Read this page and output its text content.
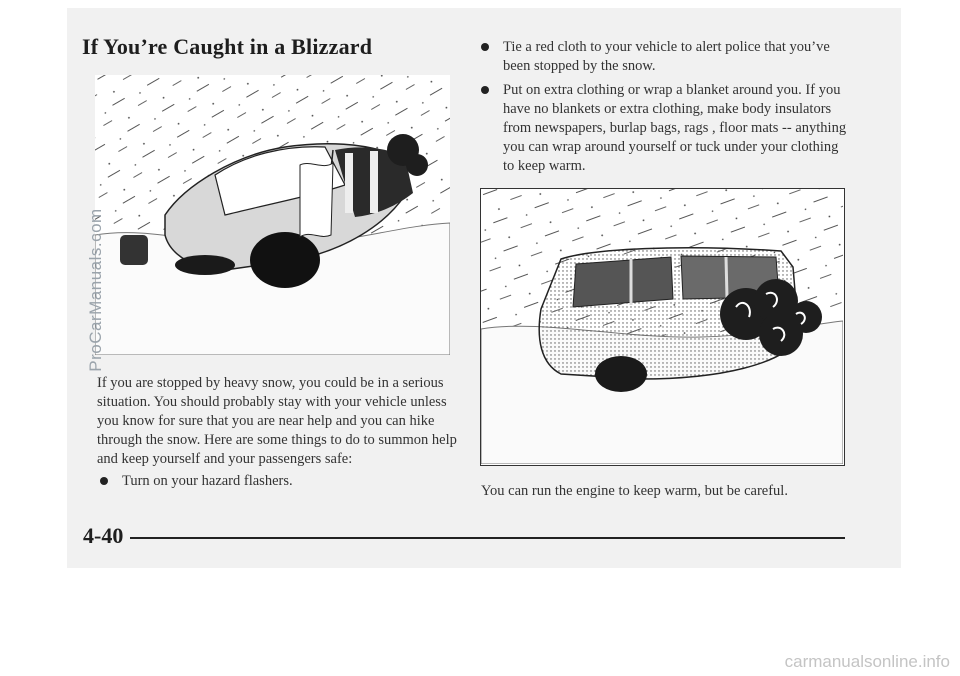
If You’re Caught in a Blizzard
ProCarManuals.com

If you are stopped by heavy snow, you could be in a serious situation. You should probably stay with your vehicle unless you know for sure that you are near help and you can hike through the snow. Here are some things to do to summon help and keep yourself and your passengers safe:

Turn on your hazard flashers.
Tie a red cloth to your vehicle to alert police that you’ve been stopped by the snow.
Put on extra clothing or wrap a blanket around you. If you have no blankets or extra clothing, make body insulators from newspapers, burlap bags, rags , floor mats -- anything you can wrap around yourself or tuck under your clothing to keep warm.
You can run the engine to keep warm, but be careful.
4-40
carmanualsonline.info
